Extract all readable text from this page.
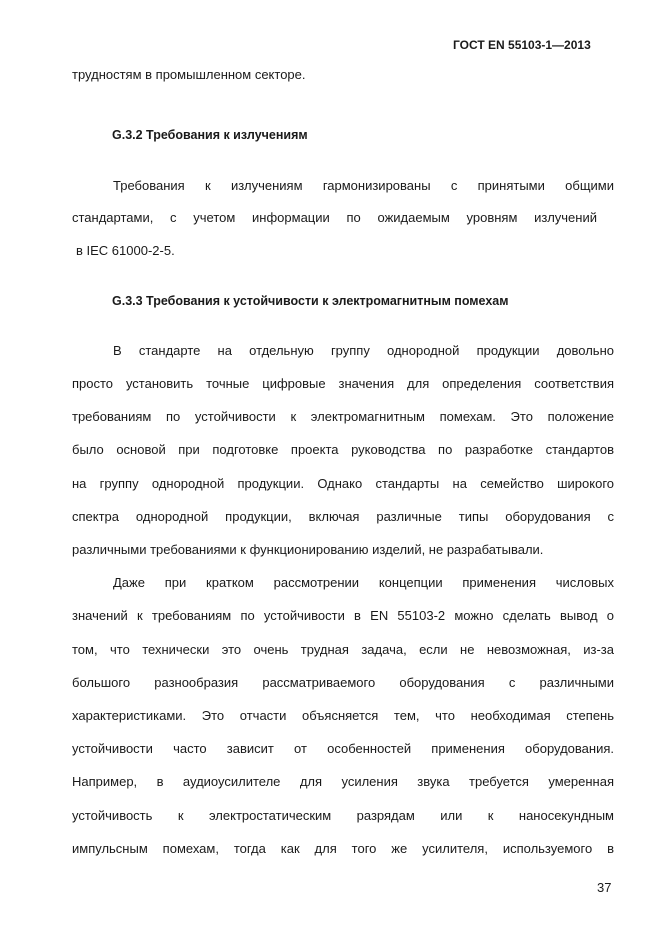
ГОСТ EN 55103-1—2013
трудностям в промышленном секторе.
G.3.2 Требования к излучениям
Требования к излучениям гармонизированы с принятыми общими
стандартами, с учетом информации по ожидаемым уровням излучений
в IEC 61000-2-5.
G.3.3 Требования к устойчивости к электромагнитным помехам
В стандарте на отдельную группу однородной продукции довольно
просто установить точные цифровые значения для определения соответствия
требованиям по устойчивости к электромагнитным помехам. Это положение
было основой при подготовке проекта руководства по разработке стандартов
на группу однородной продукции. Однако стандарты на семейство широкого
спектра однородной продукции, включая различные типы оборудования с
различными требованиями к функционированию изделий, не разрабатывали.
Даже при кратком рассмотрении концепции применения числовых
значений к требованиям по устойчивости в EN 55103-2 можно сделать вывод о
том, что технически это очень трудная задача, если не невозможная, из-за
большого разнообразия рассматриваемого оборудования с различными
характеристиками. Это отчасти объясняется тем, что необходимая степень
устойчивости часто зависит от особенностей применения оборудования.
Например, в аудиоусилителе для усиления звука требуется умеренная
устойчивость к электростатическим разрядам или к наносекундным
импульсным помехам, тогда как для того же усилителя, используемого в
37
